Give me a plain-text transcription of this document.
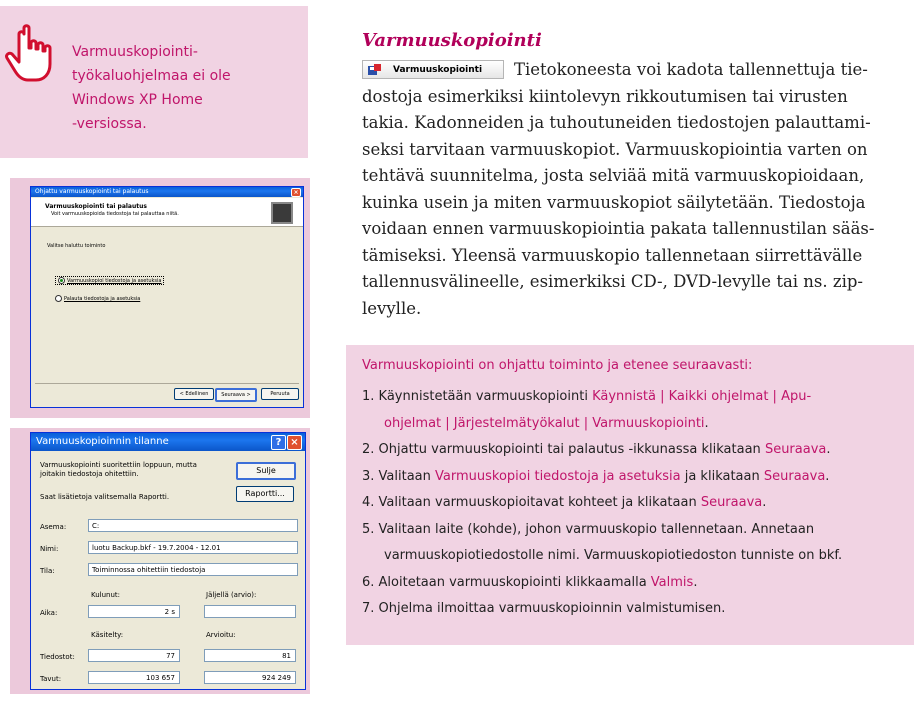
Varmuuskopiointi-
työkaluohjelmaa ei ole
Windows XP Home
-versiossa.
Ohjattu varmuuskopiointi tai palautus	×
Varmuuskopiointi tai palautus
Voit varmuuskopioida tiedostoja tai palauttaa niitä.
Valitse haluttu toiminto
Varmuuskopioi tiedostoja ja asetuksia
Palauta tiedostoja ja asetuksia
< Edellinen	Seuraava >	Peruuta
Varmuuskopioinnin tilanne	? ×
Varmuuskopiointi suoritettiin loppuun, mutta
joitakin tiedostoja ohitettiin.
Saat lisätietoja valitsemalla Raportti.
Sulje
Raportti...
Asema:	C:
Nimi:	luotu Backup.bkf - 19.7.2004 - 12.01
Tila:	Toiminnossa ohitettiin tiedostoja
Kulunut:	Jäljellä (arvio):
Aika:	2 s
Käsitelty:	Arvioitu:
Tiedostot:	77	81
Tavut:	103 657	924 249
Varmuuskopiointi
Varmuuskopiointi	Tietokoneesta voi kadota tallennettuja tie-
dostoja esimerkiksi kiintolevyn rikkoutumisen tai virusten
takia. Kadonneiden ja tuhoutuneiden tiedostojen palauttami-
seksi tarvitaan varmuuskopiot. Varmuuskopiointia varten on
tehtävä suunnitelma, josta selviää mitä varmuuskopioidaan,
kuinka usein ja miten varmuuskopiot säilytetään. Tiedostoja
voidaan ennen varmuuskopiointia pakata tallennustilan sääs-
tämiseksi. Yleensä varmuuskopio tallennetaan siirrettävälle
tallennusvälineelle, esimerkiksi CD-, DVD-levylle tai ns. zip-
levylle.
Varmuuskopiointi on ohjattu toiminto ja etenee seuraavasti:
1. Käynnistetään varmuuskopiointi Käynnistä | Kaikki ohjelmat | Apu-
ohjelmat | Järjestelmätyökalut | Varmuuskopiointi.
2. Ohjattu varmuuskopiointi tai palautus -ikkunassa klikataan Seuraava.
3. Valitaan Varmuuskopioi tiedostoja ja asetuksia ja klikataan Seuraava.
4. Valitaan varmuuskopioitavat kohteet ja klikataan Seuraava.
5. Valitaan laite (kohde), johon varmuuskopio tallennetaan. Annetaan
varmuuskopiotiedostolle nimi. Varmuuskopiotiedoston tunniste on bkf.
6. Aloitetaan varmuuskopiointi klikkaamalla Valmis.
7. Ohjelma ilmoittaa varmuuskopioinnin valmistumisen.
